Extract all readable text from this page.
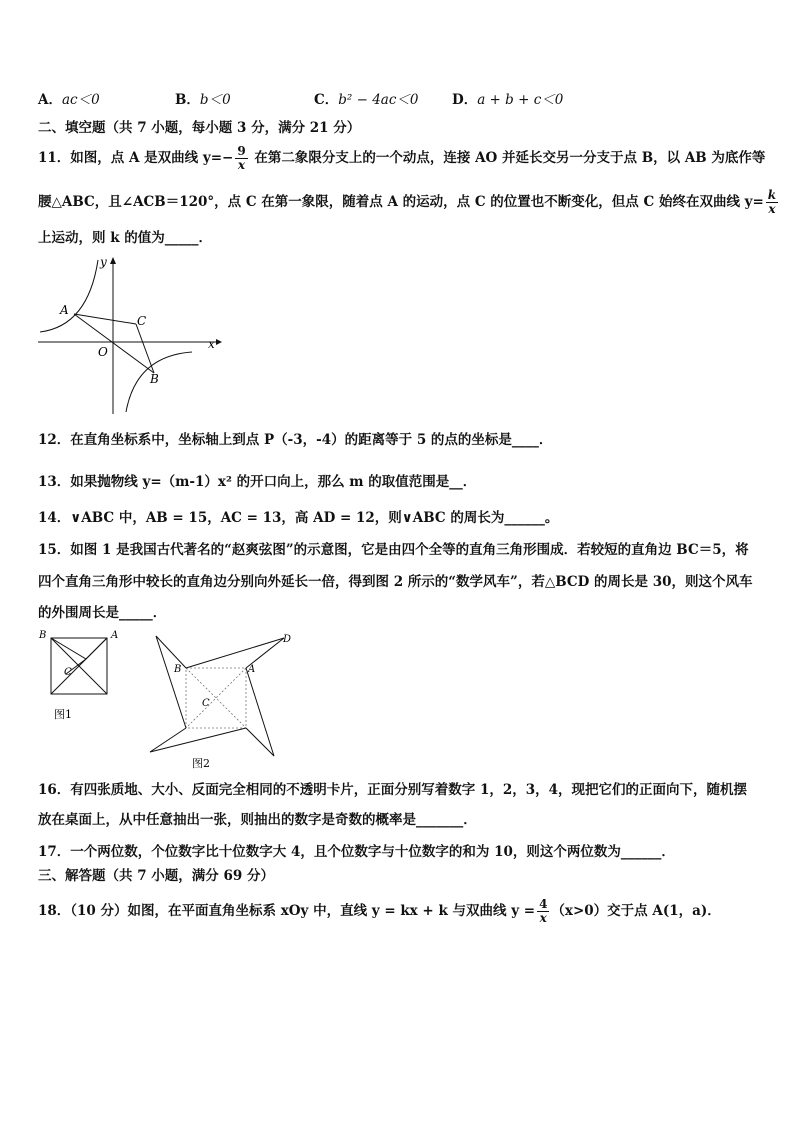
A．ac＜0	B．b＜0	C．b² − 4ac＜0 D．a + b + c＜0
二、填空题（共 7 小题，每小题 3 分，满分 21 分）
11．如图，点 A 是双曲线 $y=- \frac{9}{x}$ 在第二象限分支上的一个动点，连接 AO 并延长交另一分支于点 B，以 AB 为底作等
腰△ABC，且∠ACB＝120°，点 C 在第一象限，随着点 A 的运动，点 C 的位置也不断变化，但点 C 始终在双曲线 $y= \frac{k}{x}$
上运动，则 k 的值为_____．
y
x
A
C
O
B
12．在直角坐标系中，坐标轴上到点 P（-3，-4）的距离等于 5 的点的坐标是____．
13．如果抛物线 y=（m-1）x² 的开口向上，那么 m 的取值范围是__．
14．∨ABC 中，AB = 15，AC = 13，高 AD = 12，则∨ABC 的周长为______。
15．如图 1 是我国古代著名的“赵爽弦图”的示意图，它是由四个全等的直角三角形围成．若较短的直角边 BC＝5，将
四个直角三角形中较长的直角边分别向外延长一倍，得到图 2 所示的“数学风车”，若△BCD 的周长是 30，则这个风车
的外围周长是_____．
B	A
C
图1
D
B	A
C
图2
16．有四张质地、大小、反面完全相同的不透明卡片，正面分别写着数字 1，2，3，4，现把它们的正面向下，随机摆
放在桌面上，从中任意抽出一张，则抽出的数字是奇数的概率是_______．
17．一个两位数，个位数字比十位数字大 4，且个位数字与十位数字的和为 10，则这个两位数为______．
三、解答题（共 7 小题，满分 69 分）
18．（10 分）如图，在平面直角坐标系 xOy 中，直线 y = kx + k 与双曲线 $y = \frac{4}{x} (x>0)$交于点 A(1，a)．
